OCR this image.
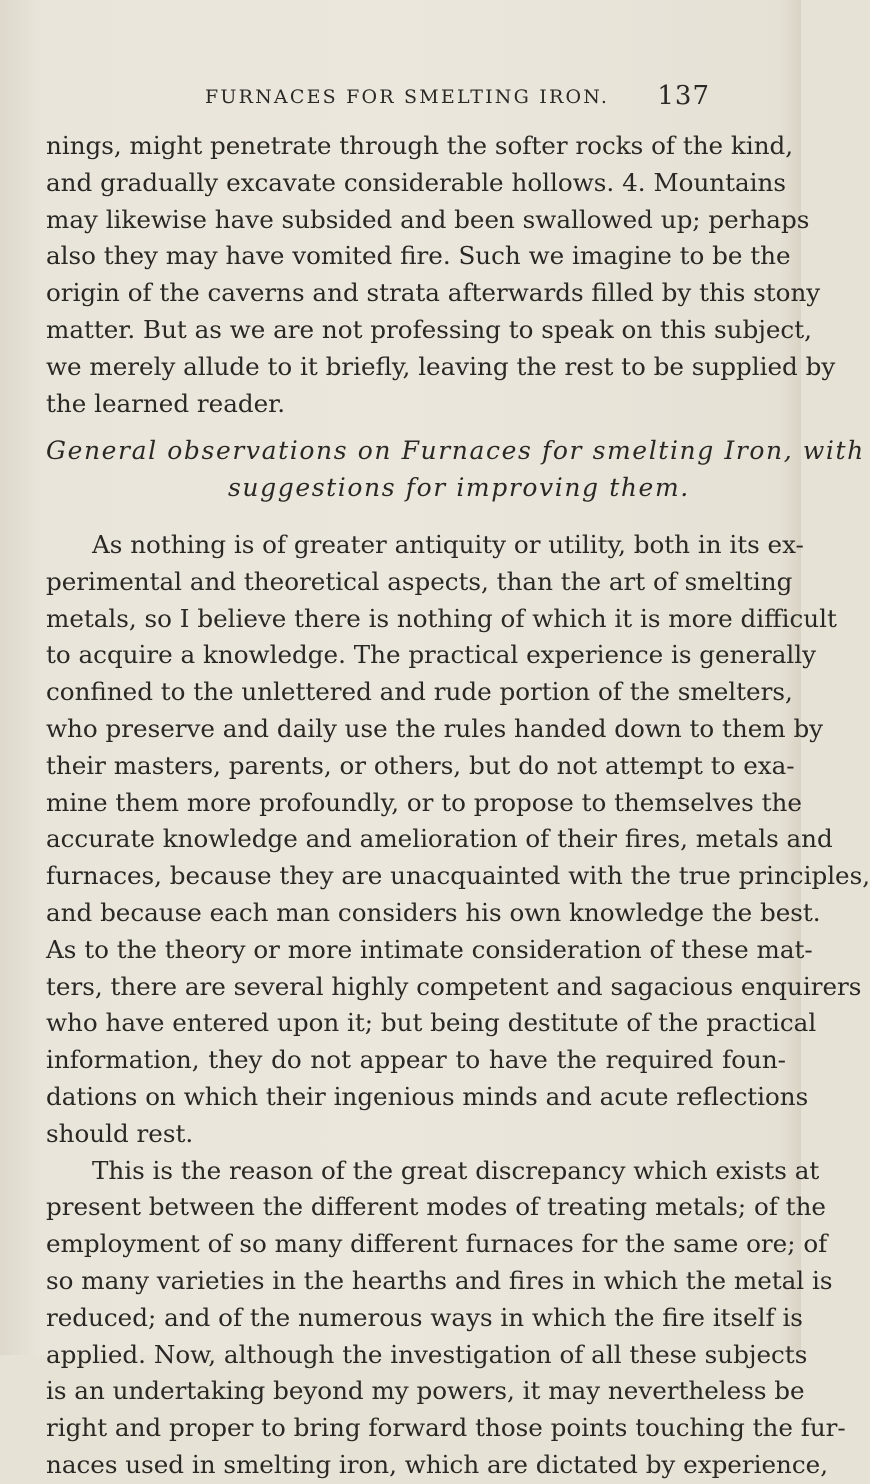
FURNACES FOR SMELTING IRON. 137
nings, might penetrate through the softer rocks of the kind,
and gradually excavate considerable hollows. 4. Mountains
may likewise have subsided and been swallowed up; perhaps
also they may have vomited fire. Such we imagine to be the
origin of the caverns and strata afterwards filled by this stony
matter. But as we are not professing to speak on this subject,
we merely allude to it briefly, leaving the rest to be supplied by
the learned reader.
General observations on Furnaces for smelting Iron, with
suggestions for improving them.
As nothing is of greater antiquity or utility, both in its ex-
perimental and theoretical aspects, than the art of smelting
metals, so I believe there is nothing of which it is more difficult
to acquire a knowledge. The practical experience is generally
confined to the unlettered and rude portion of the smelters,
who preserve and daily use the rules handed down to them by
their masters, parents, or others, but do not attempt to exa-
mine them more profoundly, or to propose to themselves the
accurate knowledge and amelioration of their fires, metals and
furnaces, because they are unacquainted with the true principles,
and because each man considers his own knowledge the best.
As to the theory or more intimate consideration of these mat-
ters, there are several highly competent and sagacious enquirers
who have entered upon it; but being destitute of the practical
information, they do not appear to have the required foun-
dations on which their ingenious minds and acute reflections
should rest.
This is the reason of the great discrepancy which exists at
present between the different modes of treating metals; of the
employment of so many different furnaces for the same ore; of
so many varieties in the hearths and fires in which the metal is
reduced; and of the numerous ways in which the fire itself is
applied. Now, although the investigation of all these subjects
is an undertaking beyond my powers, it may nevertheless be
right and proper to bring forward those points touching the fur-
naces used in smelting iron, which are dictated by experience,
